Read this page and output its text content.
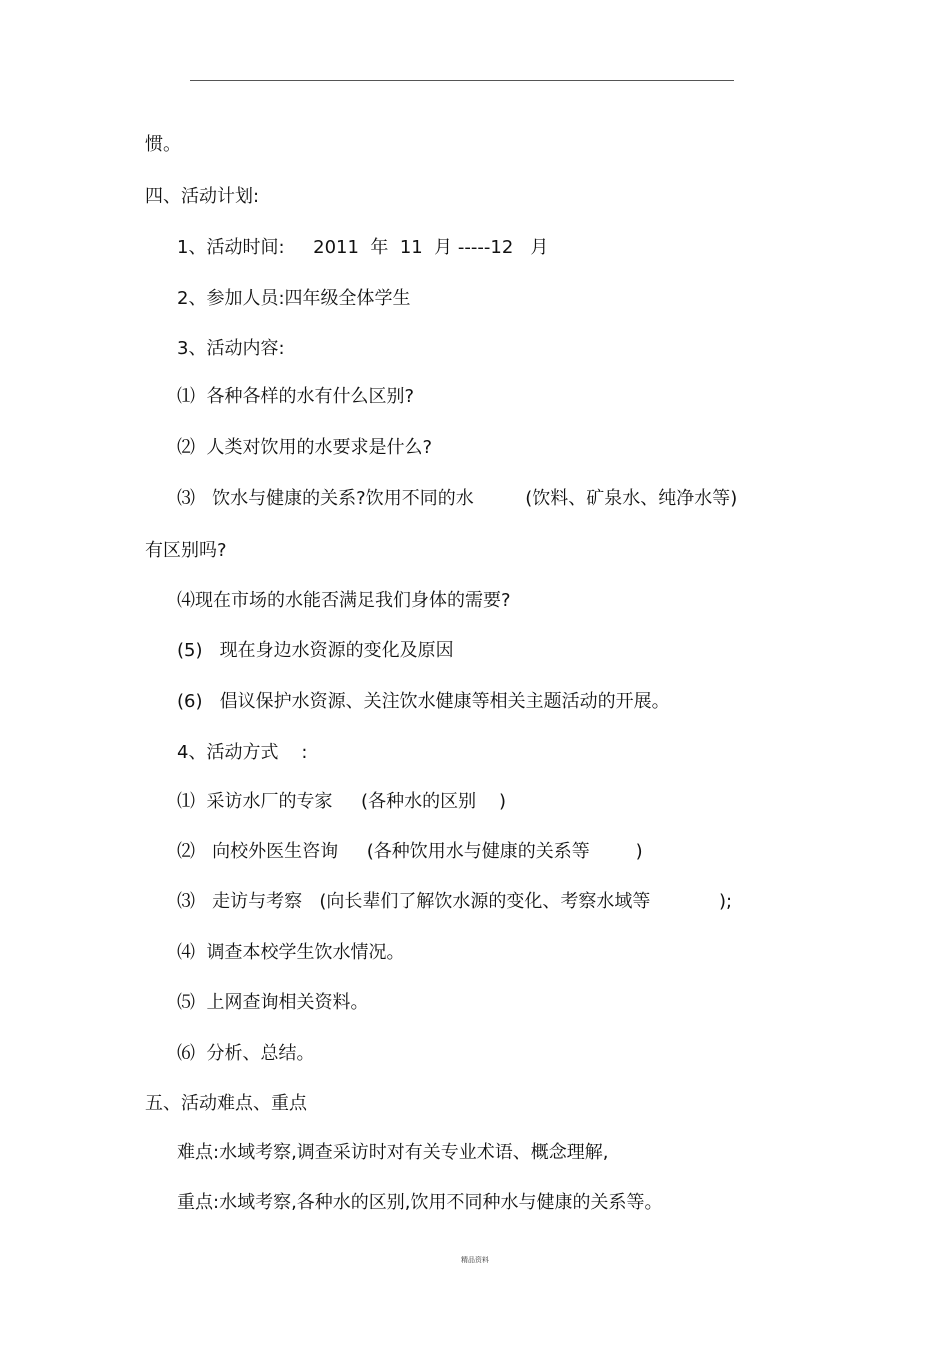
惯。
四、活动计划:
1、活动时间:     2011  年  11  月 -----12   月
2、参加人员:四年级全体学生
3、活动内容:
⑴  各种各样的水有什么区别?
⑵  人类对饮用的水要求是什么?
⑶   饮水与健康的关系?饮用不同的水         (饮料、矿泉水、纯净水等)
有区别吗?
⑷现在市场的水能否满足我们身体的需要?
(5)   现在身边水资源的变化及原因
(6)   倡议保护水资源、关注饮水健康等相关主题活动的开展。
4、活动方式    :
⑴  采访水厂的专家     (各种水的区别    )
⑵   向校外医生咨询     (各种饮用水与健康的关系等        )
⑶   走访与考察   (向长辈们了解饮水源的变化、考察水域等            );
⑷  调查本校学生饮水情况。
⑸  上网查询相关资料。
⑹  分析、总结。
五、活动难点、重点
难点:水域考察,调查采访时对有关专业术语、概念理解,
重点:水域考察,各种水的区别,饮用不同种水与健康的关系等。
精品资料
